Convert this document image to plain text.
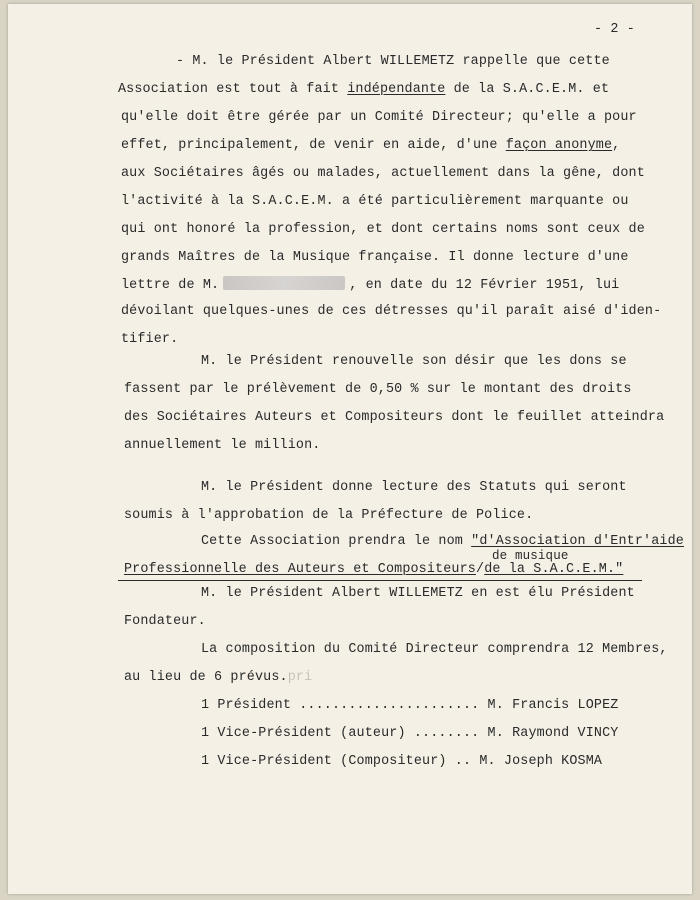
- 2 -
- M. le Président Albert WILLEMETZ rappelle que cette
Association est tout à fait indépendante de la S.A.C.E.M. et
qu'elle doit être gérée par un Comité Directeur; qu'elle a pour
effet, principalement, de venir en aide, d'une façon anonyme,
aux Sociétaires âgés ou malades, actuellement dans la gêne, dont
l'activité à la S.A.C.E.M. a été particulièrement marquante ou
qui ont honoré la profession, et dont certains noms sont ceux de
grands Maîtres de la Musique française. Il donne lecture d'une
lettre de M.	, en date du 12 Février 1951, lui
dévoilant quelques-unes de ces détresses qu'il paraît aisé d'iden-
tifier.
M. le Président renouvelle son désir que les dons se
fassent par le prélèvement de 0,50 % sur le montant des droits
des Sociétaires Auteurs et Compositeurs dont le feuillet atteindra
annuellement le million.
M. le Président donne lecture des Statuts qui seront
soumis à l'approbation de la Préfecture de Police.
Cette Association prendra le nom "d'Association d'Entr'aide
de musique
Professionnelle des Auteurs et Compositeurs/de la S.A.C.E.M."
M. le Président Albert WILLEMETZ en est élu Président
Fondateur.
La composition du Comité Directeur comprendra 12 Membres,
au lieu de 6 prévus.pri
1 Président ...................... M. Francis LOPEZ
1 Vice-Président (auteur) ........ M. Raymond VINCY
1 Vice-Président (Compositeur) .. M. Joseph KOSMA
